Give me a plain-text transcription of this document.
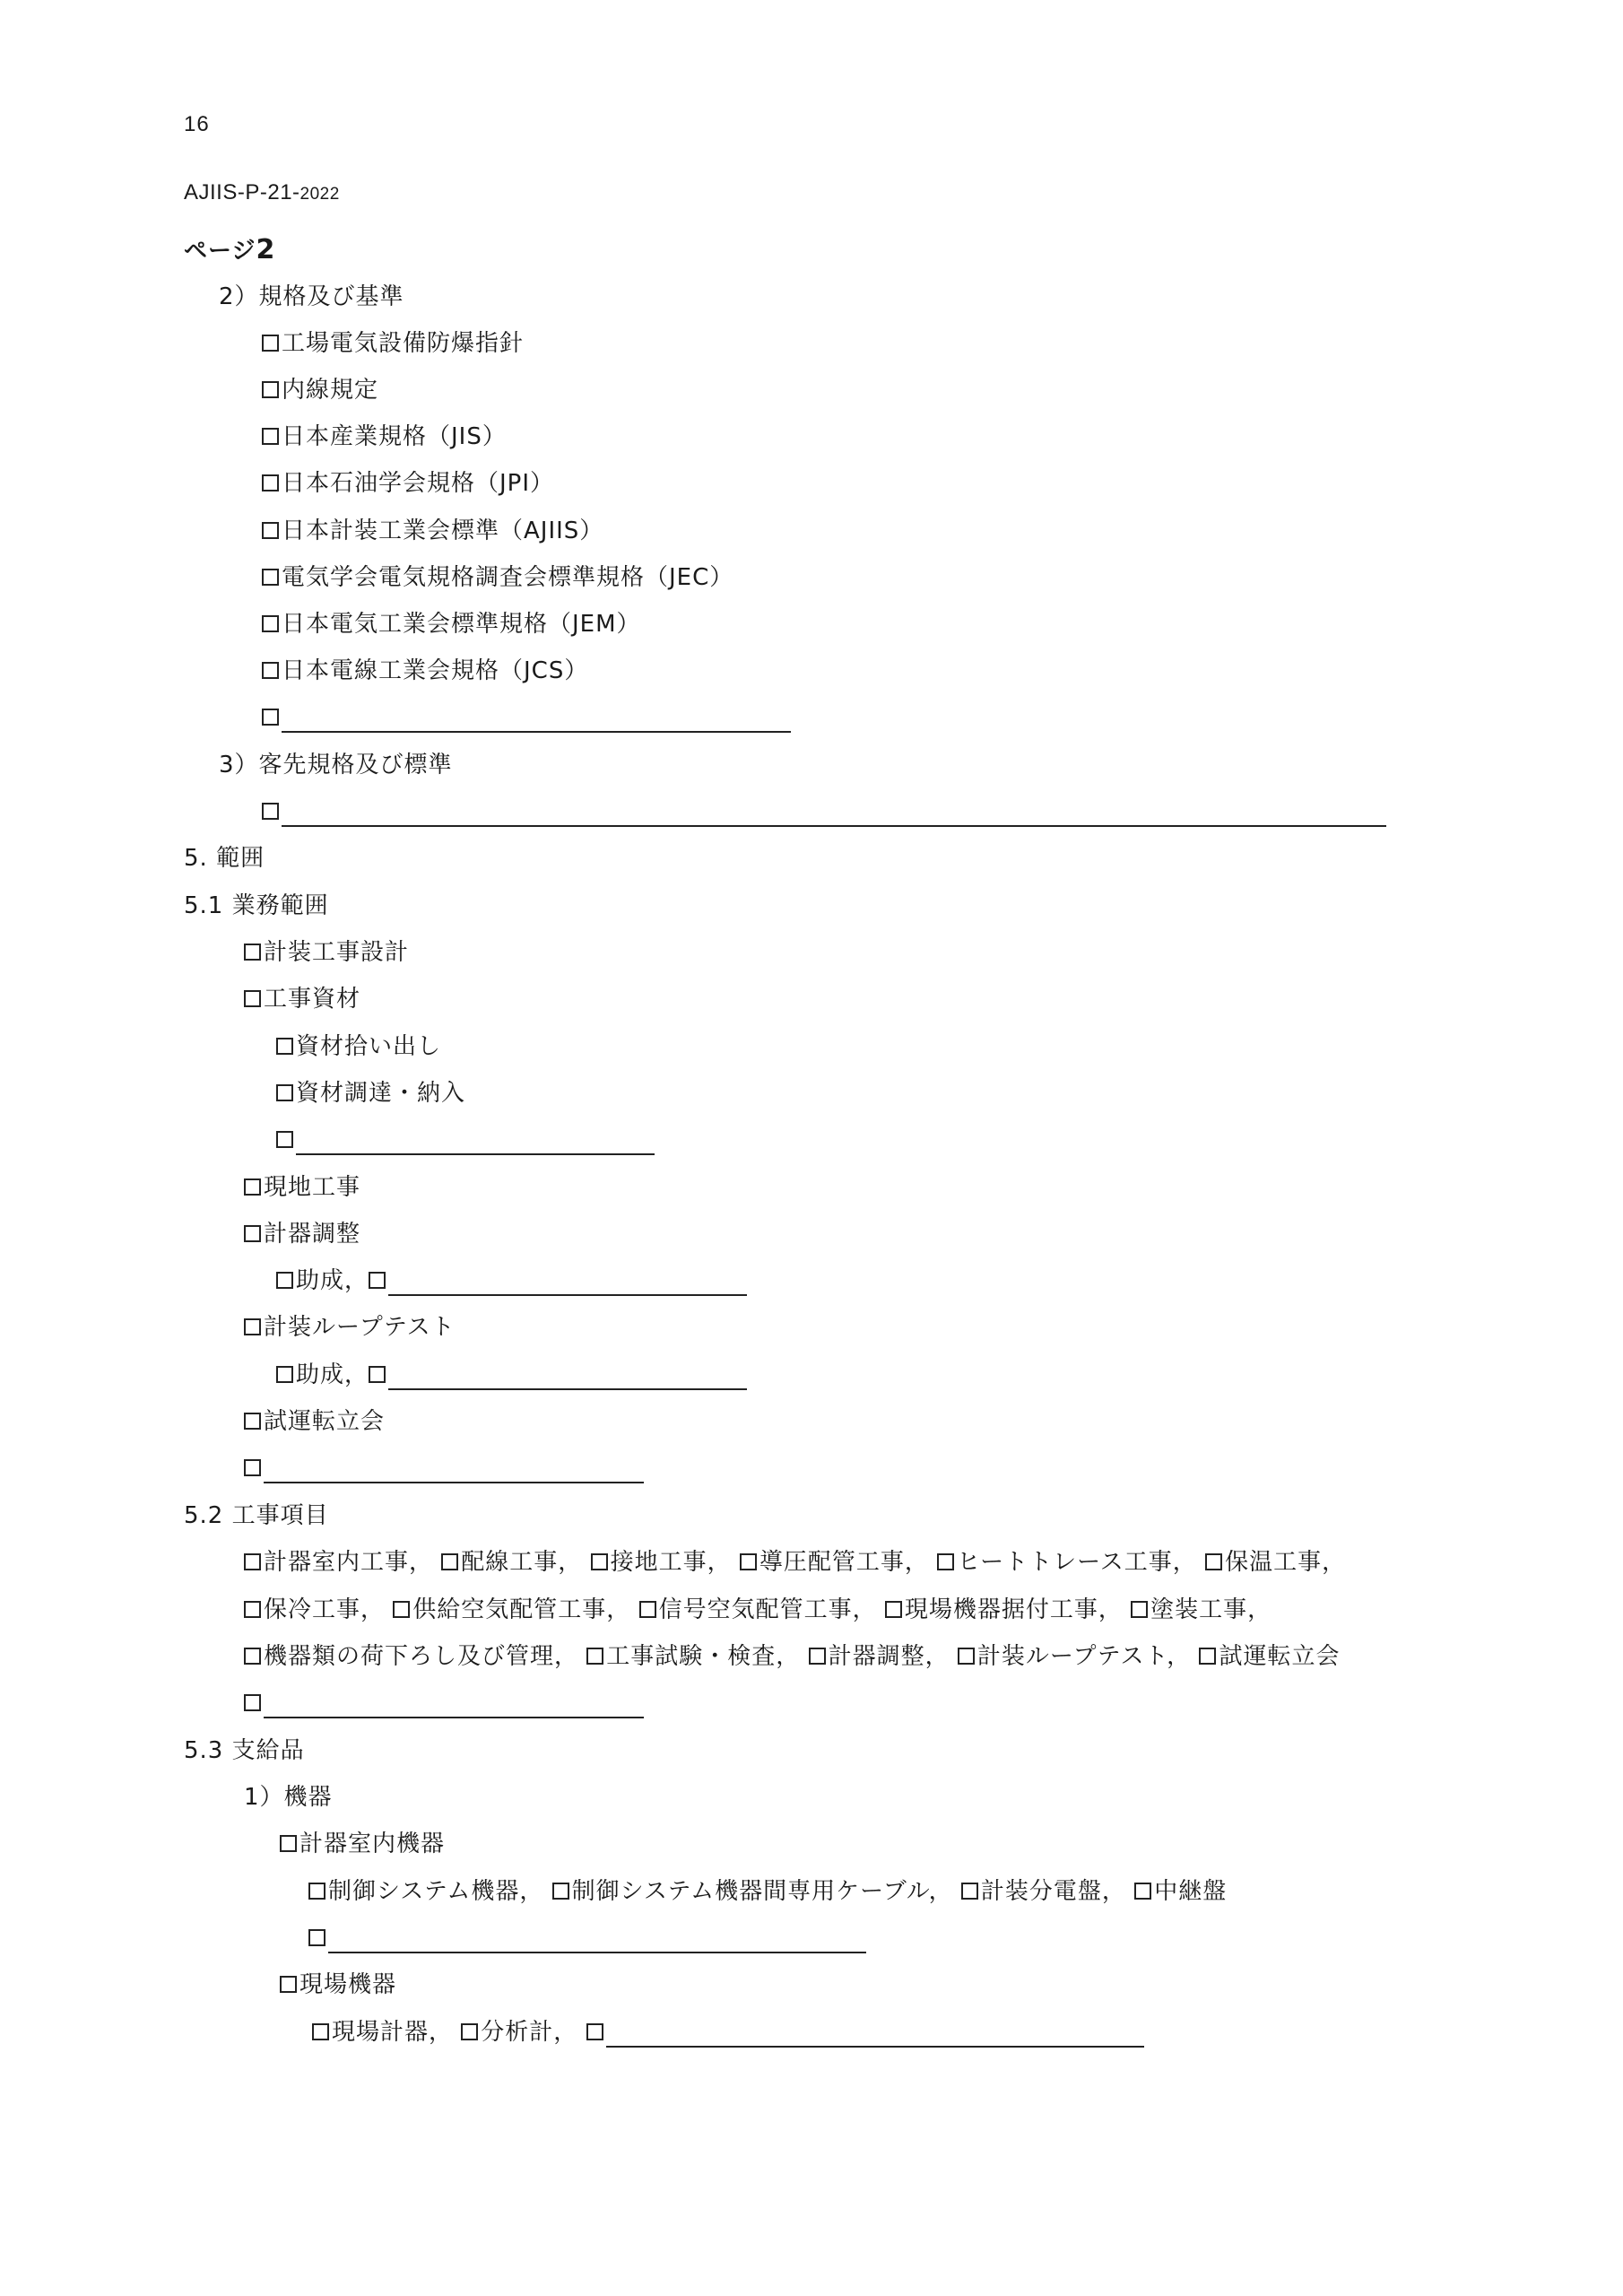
16
AJIIS-P-21-2022
ページ2
2）規格及び基準
工場電気設備防爆指針
内線規定
日本産業規格（JIS）
日本石油学会規格（JPI）
日本計装工業会標準（AJIIS）
電気学会電気規格調査会標準規格（JEC）
日本電気工業会標準規格（JEM）
日本電線工業会規格（JCS）
3）客先規格及び標準
5. 範囲
5.1 業務範囲
計装工事設計
工事資材
資材拾い出し
資材調達・納入
現地工事
計器調整
助成，
計装ループテスト
助成，
試運転立会
5.2 工事項目
計器室内工事， 配線工事， 接地工事， 導圧配管工事， ヒートトレース工事， 保温工事，
保冷工事， 供給空気配管工事， 信号空気配管工事， 現場機器据付工事， 塗装工事，
機器類の荷下ろし及び管理， 工事試験・検査， 計器調整， 計装ループテスト， 試運転立会
5.3 支給品
1）機器
計器室内機器
制御システム機器， 制御システム機器間専用ケーブル， 計装分電盤， 中継盤
現場機器
現場計器， 分析計，
